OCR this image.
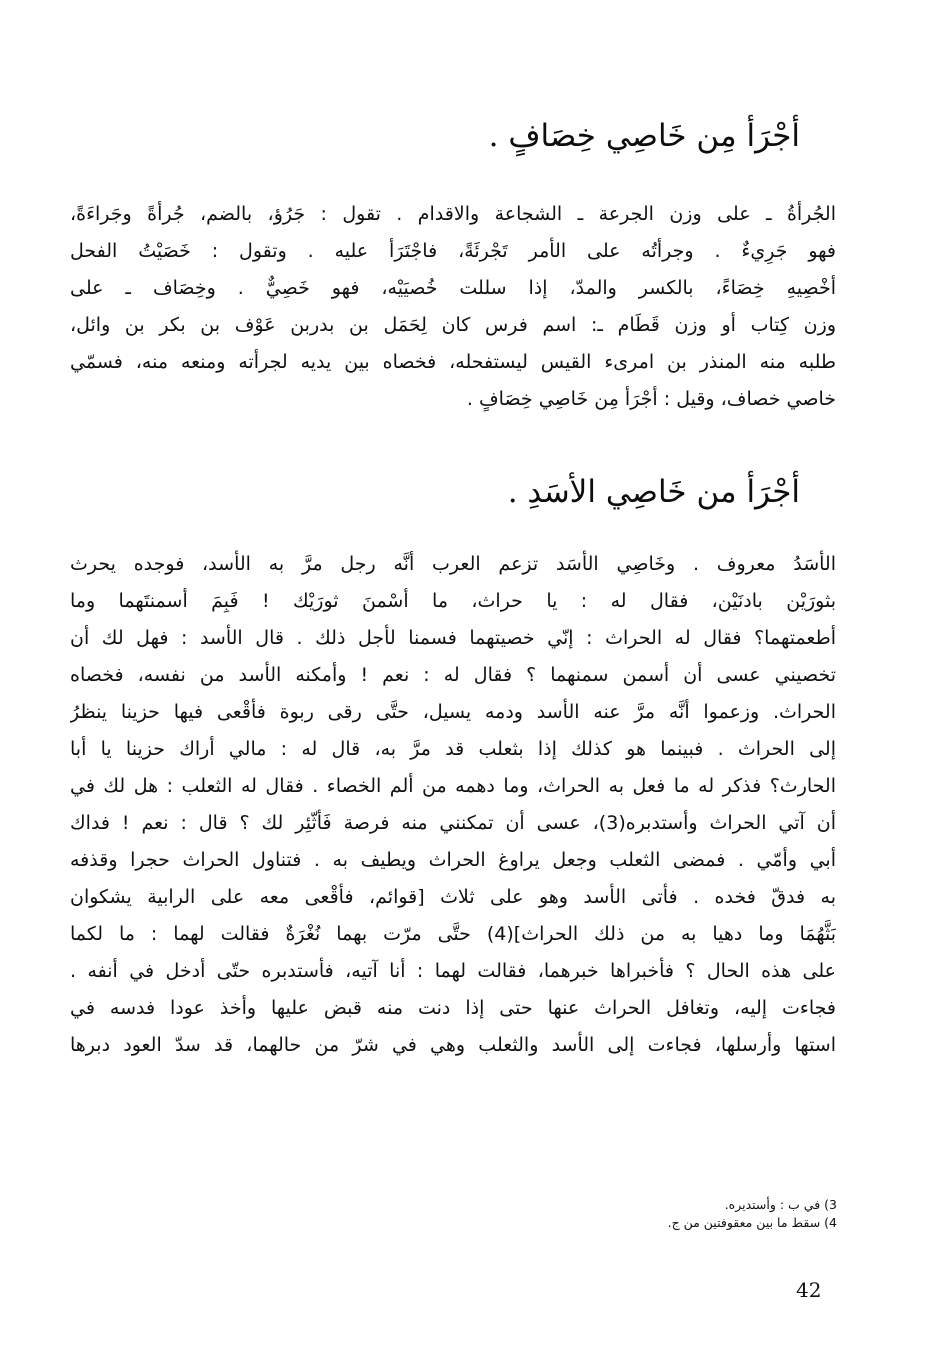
أجْرَأ مِن خَاصِي خِصَافٍ .
الجُرأةُ ـ على وزن الجرعة ـ الشجاعة والاقدام . تقول : جَرُؤ، بالضم، جُرأةً وجَراءَةً،
فهو جَرِيءٌ . وجرأتُه على الأمر تَجْرئَةً، فاجْتَرَأ عليه . وتقول : خَصَيْتُ الفحل
أخْصِيهِ خِصَاءً، بالكسر والمدّ، إذا سللت خُصيَيْه، فهو خَصِيٌّ . وخِصَاف ـ على
وزن كِتاب أو وزن قَطَام ـ: اسم فرس كان لِحَمَل بن بدربن عَوْف بن بكر بن وائل،
طلبه منه المنذر بن امرىء القيس ليستفحله، فخصاه بين يديه لجرأته ومنعه منه، فسمّي
خاصي خصاف، وقيل : أجْرَأ مِن خَاصِي خِصَافٍ .
أجْرَأ من خَاصِي الأسَدِ .
الأسَدُ معروف . وخَاصِي الأسَد تزعم العرب أنَّه رجل مرَّ به الأسد، فوجده يحرث
بثورَيْن بادنَيْن، فقال له : يا حراث، ما أسْمنَ ثورَيْك ! فَبِمَ أسمنتَهما وما
أطعمتهما؟ فقال له الحراث : إنّي خصيتهما فسمنا لأجل ذلك . قال الأسد : فهل لك أن
تخصيني عسى أن أسمن سمنهما ؟ فقال له : نعم ! وأمكنه الأسد من نفسه، فخصاه
الحراث. وزعموا أنَّه مرَّ عنه الأسد ودمه يسيل، حتَّى رقى ربوة فأقْعى فيها حزينا ينظرُ
إلى الحراث . فبينما هو كذلك إذا بثعلب قد مرَّ به، قال له : مالي أراك حزينا يا أبا
الحارث؟ فذكر له ما فعل به الحراث، وما دهمه من ألم الخصاء . فقال له الثعلب : هل لك في
أن آتي الحراث وأستدبره(3)، عسى أن تمكنني منه فرصة فَأثّئِر لك ؟ قال : نعم ! فداك
أبي وأمّي . فمضى الثعلب وجعل يراوغ الحراث ويطيف به . فتناول الحراث حجرا وقذفه
به فدقّ فخده . فأتى الأسد وهو على ثلاث [قوائم، فأقْعى معه على الرابية يشكوان
بَثَّهُمَا وما دهيا به من ذلك الحراث](4) حتَّى مرّت بهما نُغْرَةٌ فقالت لهما : ما لكما
على هذه الحال ؟ فأخبراها خبرهما، فقالت لهما : أنا آتيه، فأستدبره حتّى أدخل في أنفه .
فجاءت إليه، وتغافل الحراث عنها حتى إذا دنت منه قبض عليها وأخذ عودا فدسه في
استها وأرسلها، فجاءت إلى الأسد والثعلب وهي في شرّ من حالهما، قد سدّ العود دبرها
3) في ب : وأستديره.
4) سقط ما بين معقوفتين من ج.
42
